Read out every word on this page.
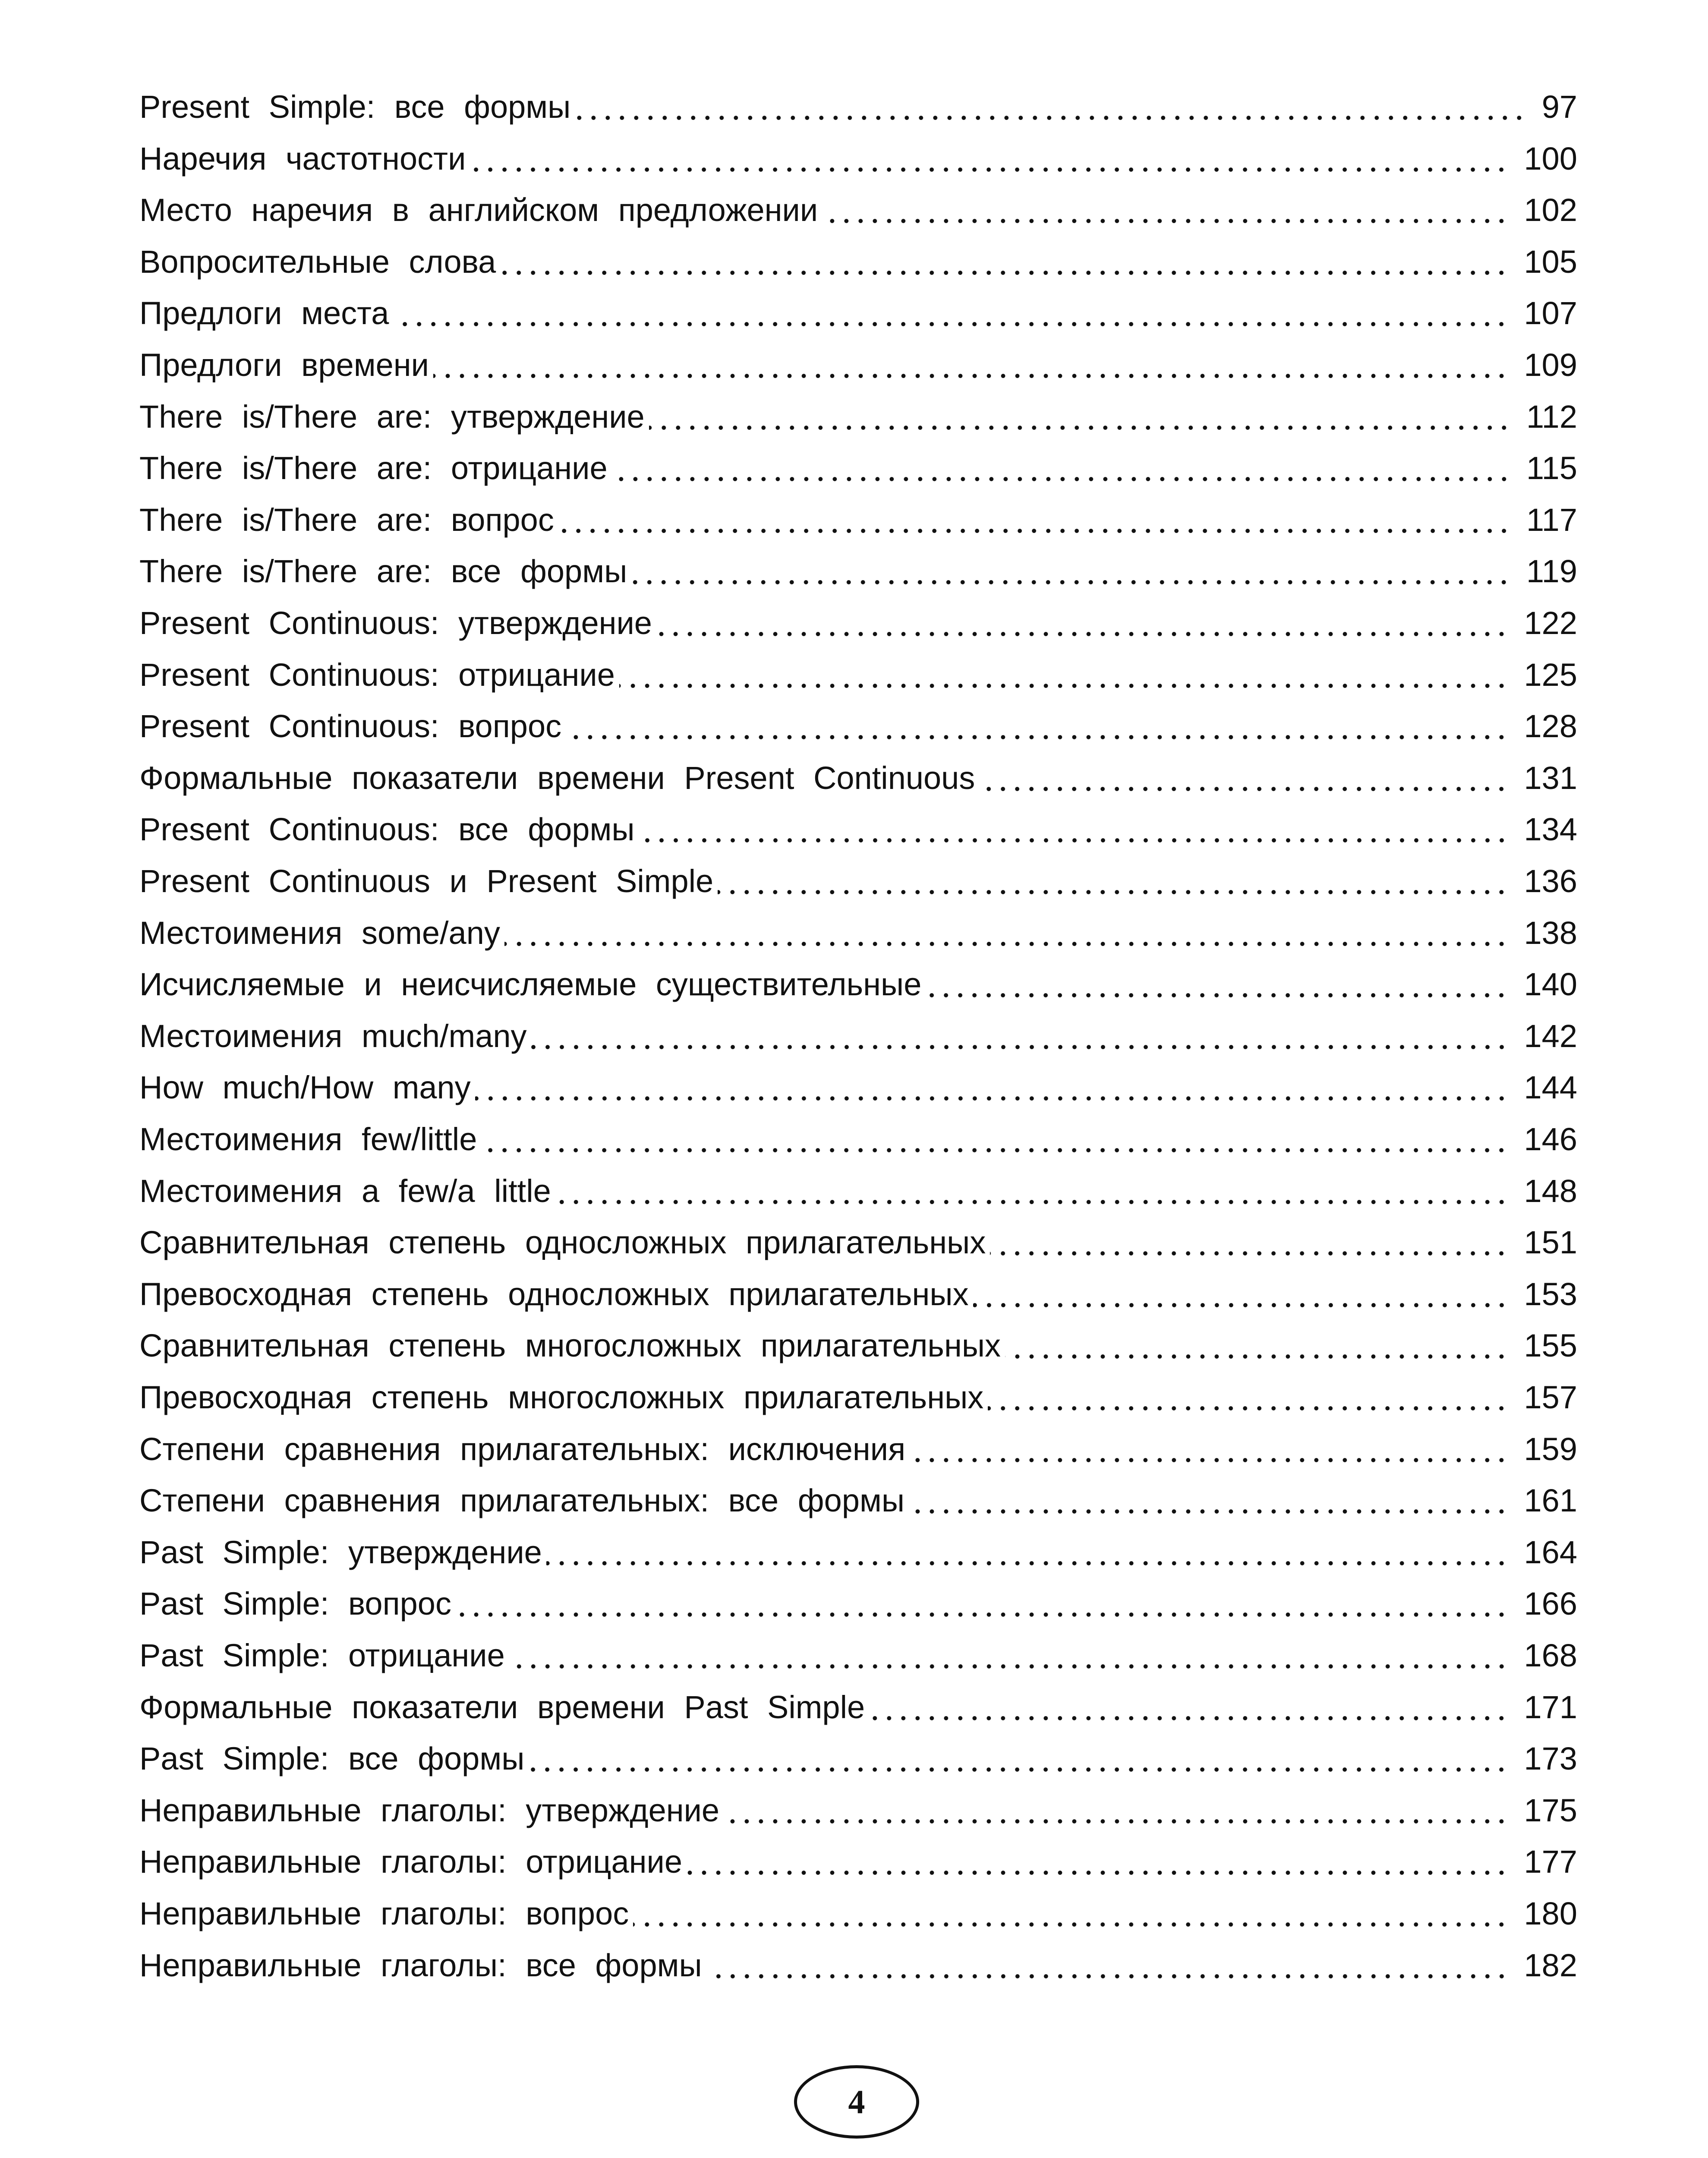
Present Simple: все формы	97
Наречия частотности	100
Место наречия в английском предложении	102
Вопросительные слова	105
Предлоги места	107
Предлоги времени	109
There is/There are: утверждение	112
There is/There are: отрицание	115
There is/There are: вопрос	117
There is/There are: все формы	119
Present Continuous: утверждение	122
Present Continuous: отрицание	125
Present Continuous: вопрос	128
Формальные показатели времени Present Continuous	131
Present Continuous: все формы	134
Present Continuous и Present Simple	136
Местоимения some/any	138
Исчисляемые и неисчисляемые существительные	140
Местоимения much/many	142
How much/How many	144
Местоимения few/little	146
Местоимения a few/a little	148
Сравнительная степень односложных прилагательных	151
Превосходная степень односложных прилагательных	153
Сравнительная степень многосложных прилагательных	155
Превосходная степень многосложных прилагательных	157
Степени сравнения прилагательных: исключения	159
Степени сравнения прилагательных: все формы	161
Past Simple: утверждение	164
Past Simple: вопрос	166
Past Simple: отрицание	168
Формальные показатели времени Past Simple	171
Past Simple: все формы	173
Неправильные глаголы: утверждение	175
Неправильные глаголы: отрицание	177
Неправильные глаголы: вопрос	180
Неправильные глаголы: все формы	182
4
